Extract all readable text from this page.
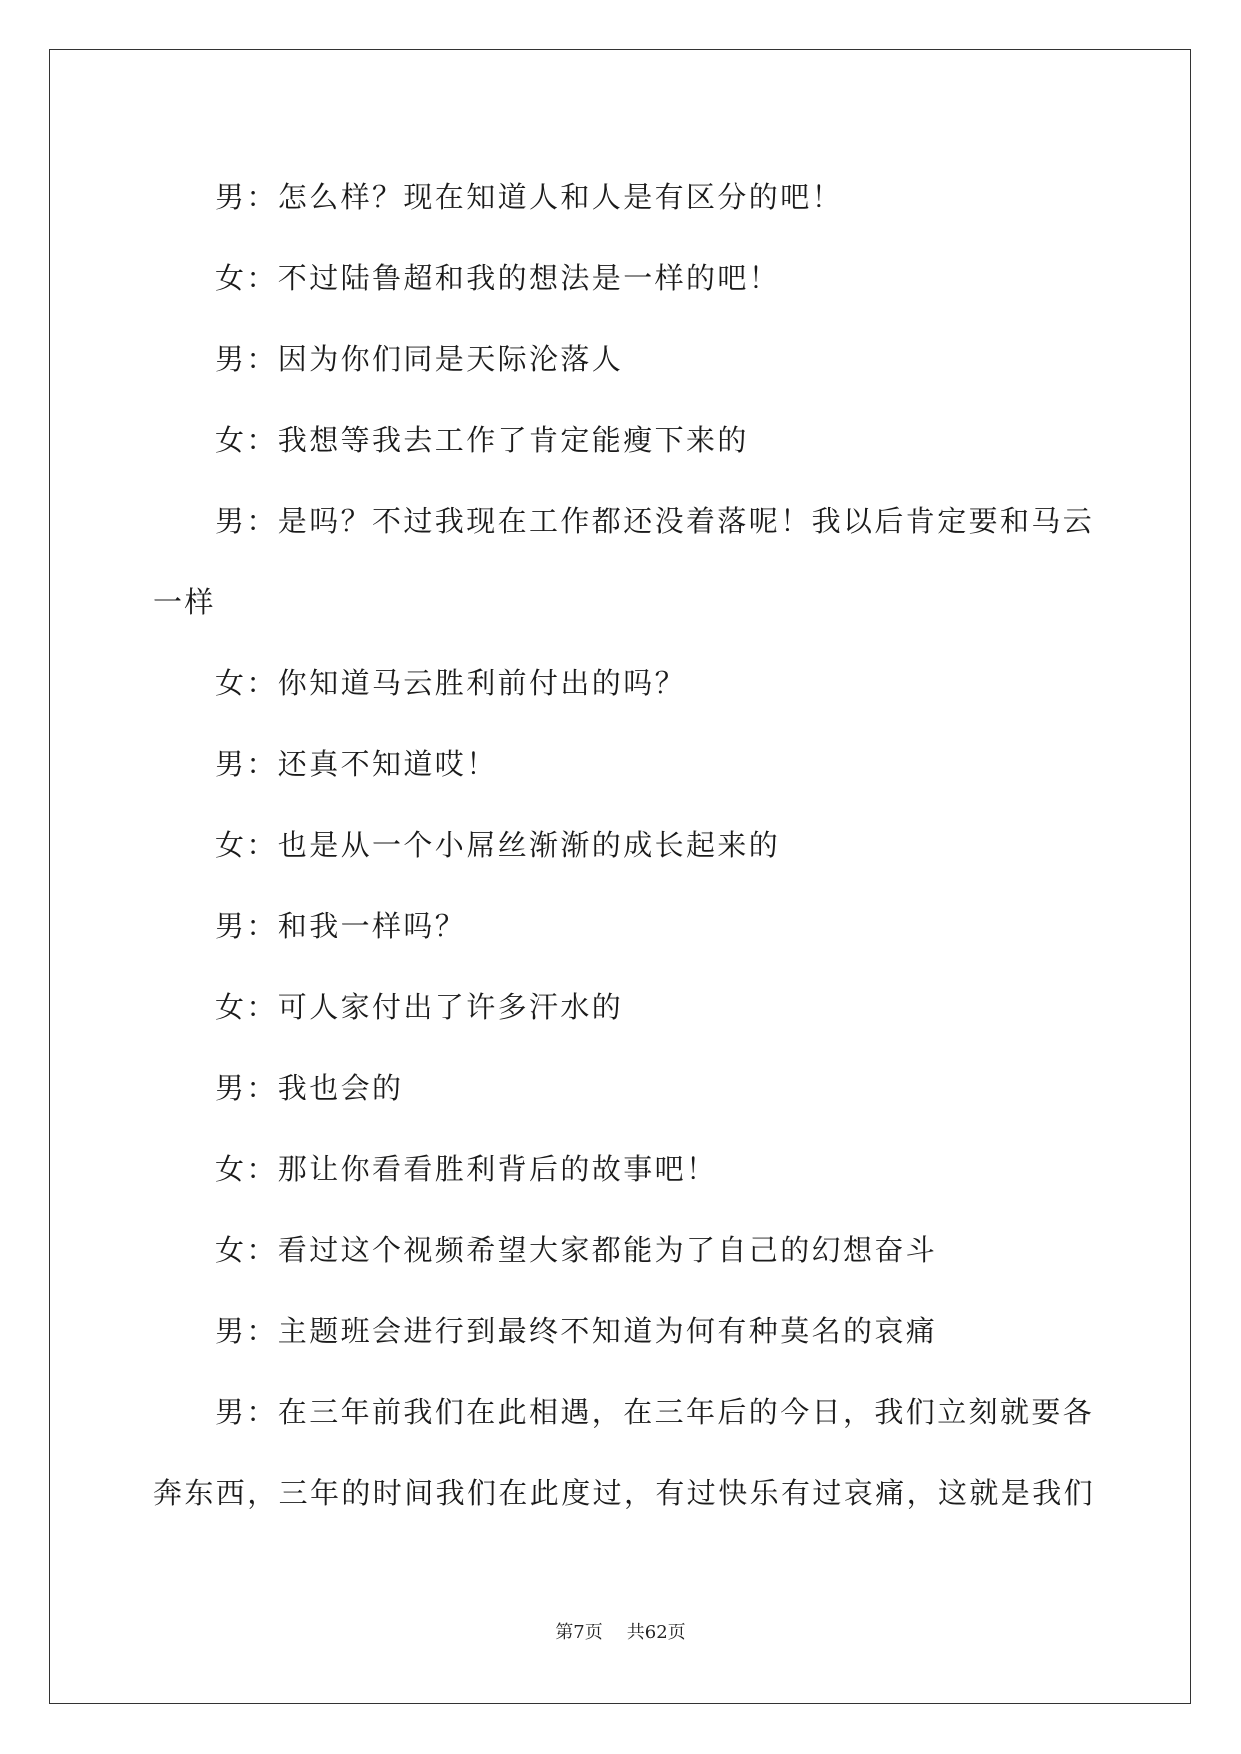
男：怎么样？现在知道人和人是有区分的吧！

女：不过陆鲁超和我的想法是一样的吧！

男：因为你们同是天际沦落人

女：我想等我去工作了肯定能瘦下来的

男：是吗？不过我现在工作都还没着落呢！我以后肯定要和马云一样

女：你知道马云胜利前付出的吗？

男：还真不知道哎！

女：也是从一个小屌丝渐渐的成长起来的

男：和我一样吗？

女：可人家付出了许多汗水的

男：我也会的

女：那让你看看胜利背后的故事吧！

女：看过这个视频希望大家都能为了自己的幻想奋斗

男：主题班会进行到最终不知道为何有种莫名的哀痛

男：在三年前我们在此相遇，在三年后的今日，我们立刻就要各奔东西，三年的时间我们在此度过，有过快乐有过哀痛，这就是我们

第7页 共62页
